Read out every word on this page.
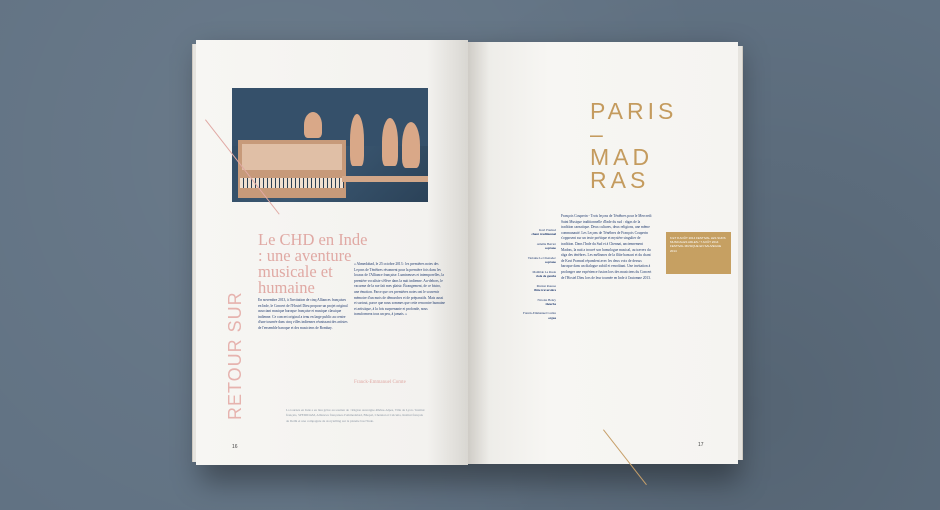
Le CHD en Inde : une aventure musicale et humaine
RETOUR SUR	En novembre 2013, à l'invitation de cinq Alliances françaises en Inde, le Concert de l'Hostel Dieu propose un projet original associant musique baroque française et musique classique indienne. Ce concert original a tenu en large public au centre d'une tournée dans cinq villes indiennes réunissant des artistes de l'ensemble baroque et des musiciens de Bombay.
« Ahmedabad, le 25 octobre 2013 : les premières notes des Leçons de Ténèbres résonnent pour la première fois dans les locaux de l'Alliance française. Lumineuses et intemporelles, la première vocaliste s'élève dans la nuit indienne. Au-dehors, le vacarme de la rue fait mes plaisir. Étrangement, de ce bistro, une émotion. Parce que ces premières notes ont le souvenir mémoire d'un mois de démarches et de préparatifs. Mais aussi et surtout, parce que nous sommes que cette rencontre humaine et artistique, à la fois surprenante et profonde, nous transformera tous un peu, à jamais. »
Franck-Emmanuel Comte
La tournée en Inde a eu lieu grâce au soutien de : Région Auvergne-Rhône-Alpes, Ville de Lyon / Institut français, SPEDIDAM, Alliances françaises d'Ahmedabad, Bhopal, Chennai et Calcutta, Institut français de Delhi et une compagnie de storytelling sur la planète bas l'Inde.
16
PARIS
–
MAD
RAS
Kavi Pramod
chant traditionnel
Amélie Berrier
soprano
Violaine Le Chenadec
soprano
Mathilde Le Rasle
viole de gambe
Marion Rousse
flûte traversière
Nicolas Henry
théorbe
Franck-Emmanuel Comte
orgue
François Couperin - Trois leçons de Ténèbres pour le Mercredi Saint Musique traditionnelle d'Inde du sud : râgas de la tradition carnatique. Deux cultures, deux religions, une même communauté. Les Leçons de Ténèbres de François Couperin s'opposent sur un texte poétique et mystère singulier de tradition. Dans l'Inde du Sud et à Chennai, anciennement Madras, la nuit a trouvé son homologue musical, au travers du râga des ténèbres. Les mélismes de la flûte bansuri et du chant de Kavi Pramod répondent avec les deux voix de dessus baroque dans un dialogue subtil et envoûtant. Une invitation à prolonger une expérience fusion lors des musiciens du Concert de l'Hostel Dieu lors de leur tournée en Inde à l'automne 2013.
6 ET 8 AOÛT 2014 FESTIVAL LES SUDS MUSICALES ARLES / 7 AOÛT 2014 FESTIVAL MUSIQUE EN SAUVEGUE 2014
17
